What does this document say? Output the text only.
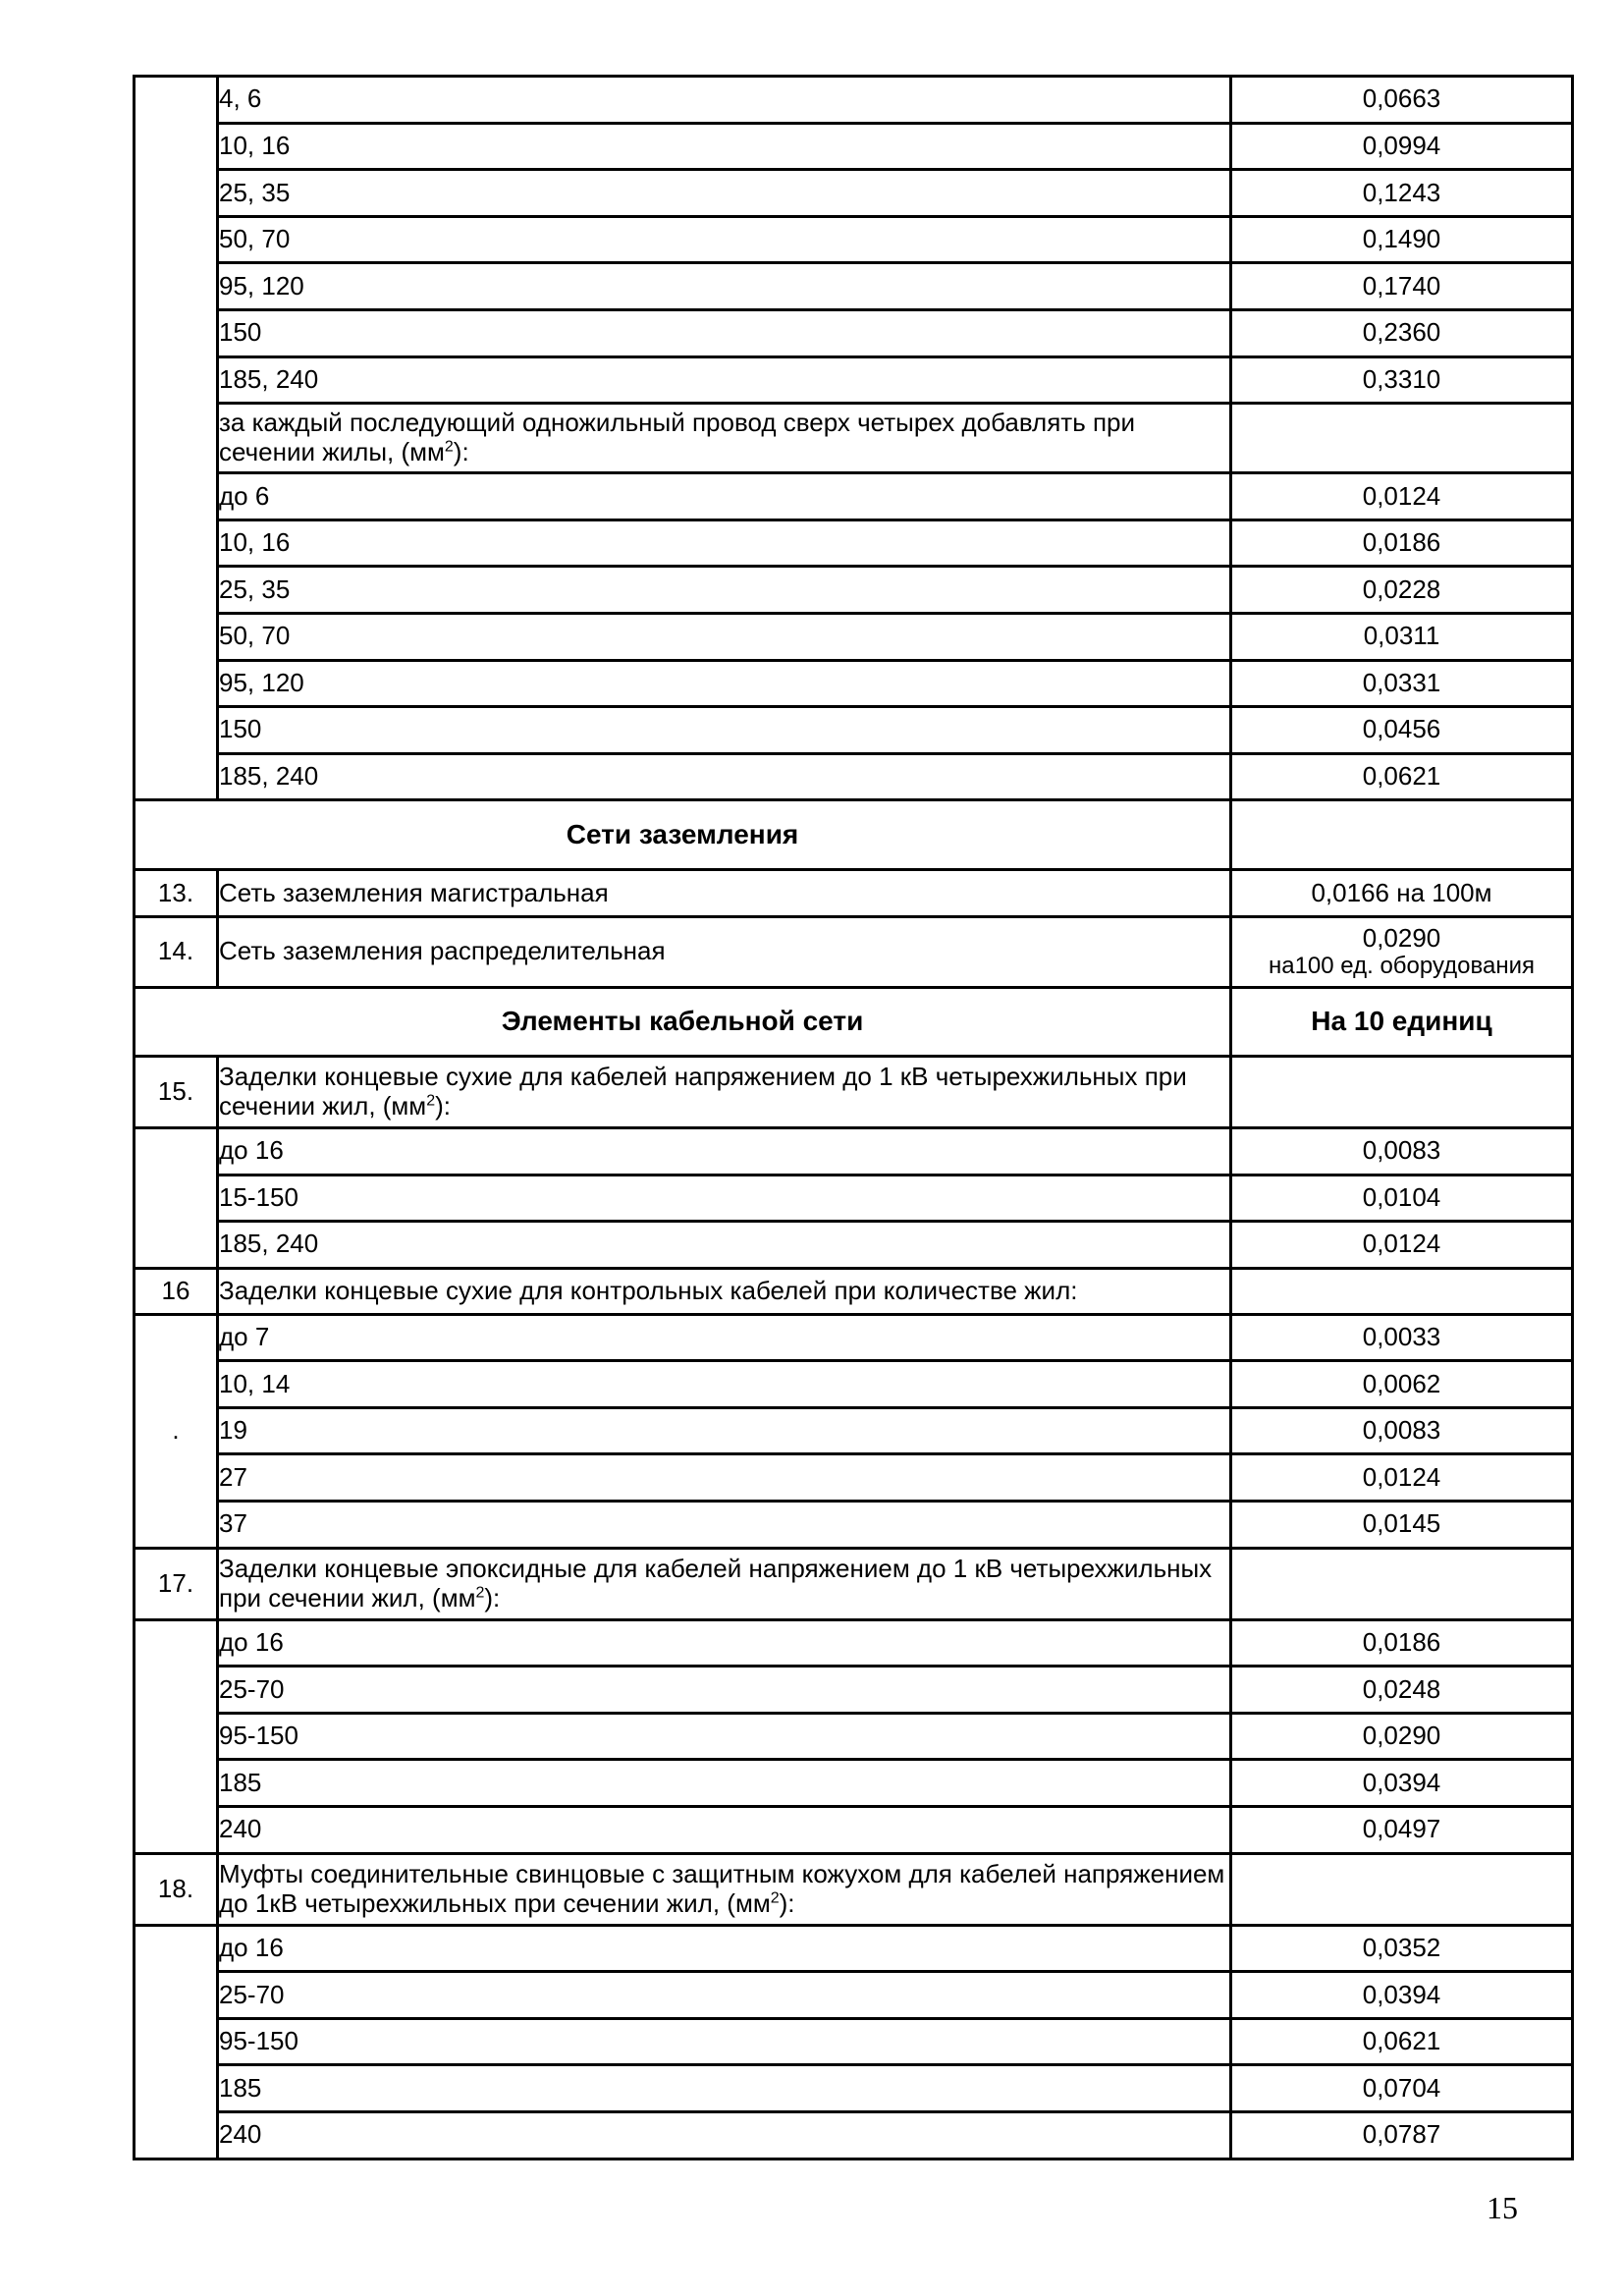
	4, 6	0,0663
	10, 16	0,0994
	25, 35	0,1243
	50, 70	0,1490
	95, 120	0,1740
	150	0,2360
	185, 240	0,3310
	за каждый последующий одножильный провод сверх четырех добавлять при сечении жилы, $(мм^2)$:	
	до 6	0,0124
	10, 16	0,0186
	25, 35	0,0228
	50, 70	0,0311
	95, 120	0,0331
	150	0,0456
	185, 240	0,0621
Сети заземления		
13.	Сеть заземления магистральная	0,0166 на 100м
14.	Сеть заземления распределительная	0,0290
на100 ед. оборудования

Элементы кабельной сети		На 10 единиц
15.	Заделки концевые сухие для кабелей напряжением до 1 кВ четырехжильных при сечении жил, $(мм^2)$:	
	до 16	0,0083
	15-150	0,0104
	185, 240	0,0124
16	Заделки концевые сухие для контрольных кабелей при количестве жил:	
.	до 7	0,0033
	10, 14	0,0062
	19	0,0083
	27	0,0124
	37	0,0145
17.	Заделки концевые эпоксидные для кабелей напряжением до 1 кВ четырехжильных при сечении жил, $(мм^2)$:	
	до 16	0,0186
	25-70	0,0248
	95-150	0,0290
	185	0,0394
	240	0,0497
18.	Муфты соединительные свинцовые с защитным кожухом для кабелей напряжением до 1кВ четырехжильных при сечении жил, $(мм^2)$:	
	до 16	0,0352
	25-70	0,0394
	95-150	0,0621
	185	0,0704
	240	0,0787
15
